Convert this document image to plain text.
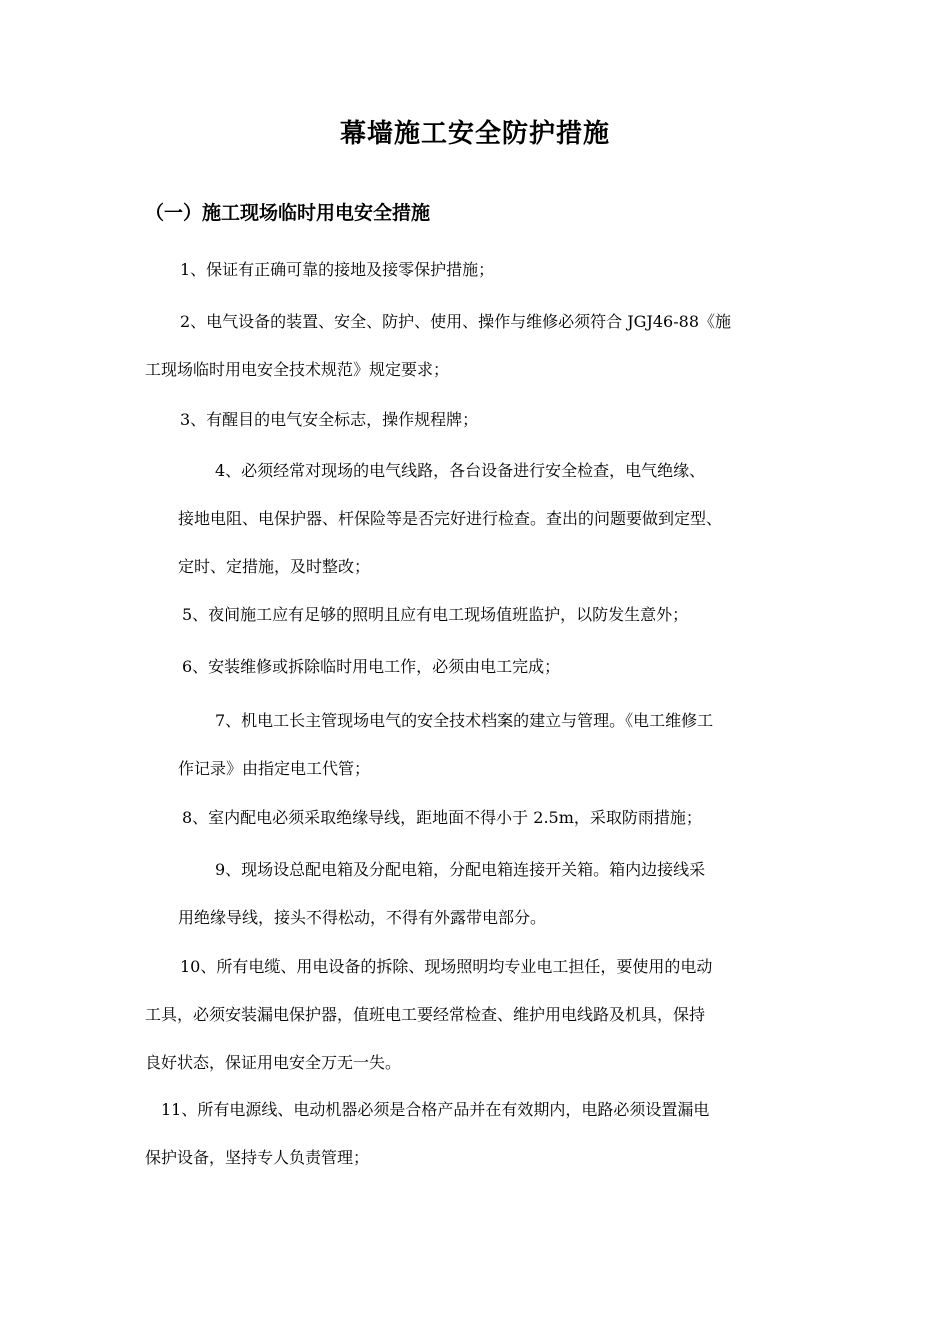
幕墙施工安全防护措施
（一）施工现场临时用电安全措施
1、保证有正确可靠的接地及接零保护措施；
2、电气设备的装置、安全、防护、使用、操作与维修必须符合 JGJ46-88《施
工现场临时用电安全技术规范》规定要求；
3、有醒目的电气安全标志，操作规程牌；
4、必须经常对现场的电气线路，各台设备进行安全检查，电气绝缘、
接地电阻、电保护器、杆保险等是否完好进行检查。查出的问题要做到定型、
定时、定措施，及时整改；
5、夜间施工应有足够的照明且应有电工现场值班监护，以防发生意外；
6、安装维修或拆除临时用电工作，必须由电工完成；
7、机电工长主管现场电气的安全技术档案的建立与管理。《电工维修工
作记录》由指定电工代管；
8、室内配电必须采取绝缘导线，距地面不得小于 2.5m，采取防雨措施；
9、现场设总配电箱及分配电箱，分配电箱连接开关箱。箱内边接线采
用绝缘导线，接头不得松动，不得有外露带电部分。
10、所有电缆、用电设备的拆除、现场照明均专业电工担任，要使用的电动
工具，必须安装漏电保护器，值班电工要经常检查、维护用电线路及机具，保持
良好状态，保证用电安全万无一失。
11、所有电源线、电动机器必须是合格产品并在有效期内，电路必须设置漏电
保护设备，坚持专人负责管理；
